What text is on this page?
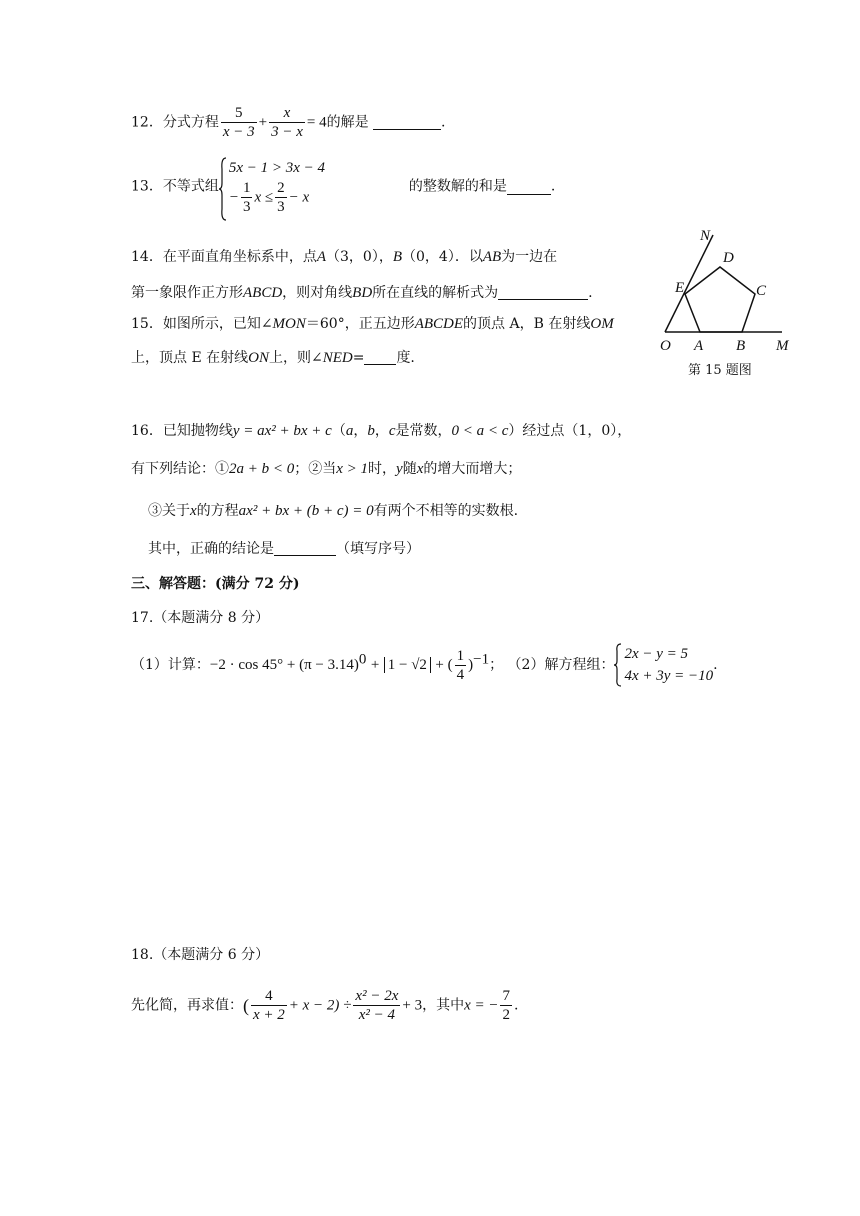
12．分式方程 $\frac{5}{x - 3} + \frac{x}{3 - x} = 4$的解是	.
13．不等式组
5x − 1 > 3x − 4
− $\frac{1}{3}$ $x \le \frac{2}{3} - x$
的整数解的和是	.
14．在平面直角坐标系中，点A（3，0），B（0，4）．以AB为一边在
第一象限作正方形ABCD，则对角线BD所在直线的解析式为	.
15．如图所示，已知∠MON＝60°，正五边形ABCDE的顶点 A，B 在射线OM
上，顶点 E 在射线ON上，则∠NED= 度.
N
D
E	C
O A B M
第 15 题图
16．已知抛物线y = ax² + bx + c（a，b，c是常数，0 < a < c）经过点（1，0），
有下列结论：①2a + b < 0；②当x > 1时，y随x的增大而增大；
③关于x的方程ax² + bx + (b + c) = 0有两个不相等的实数根.
其中，正确的结论是	（填写序号）
三、解答题：(满分 72 分)
17.（本题满分 8 分）
（1）计算：$-2 \cdot \cos 45^\circ + (\pi - 3.14)^0 + 1 - √2$ + ( $\frac{1}{4} )^{-1}$； （2）解方程组：
2x − y = 5
4x + 3y = −10
.
18.（本题满分 6 分）
先化简，再求值：( $\frac{4}{x + 2} + x - 2) \div \frac{\text{x² − 2x}}{\text{x² − 4}} + 3$，其中x = − $\frac{7}{2}$ .
